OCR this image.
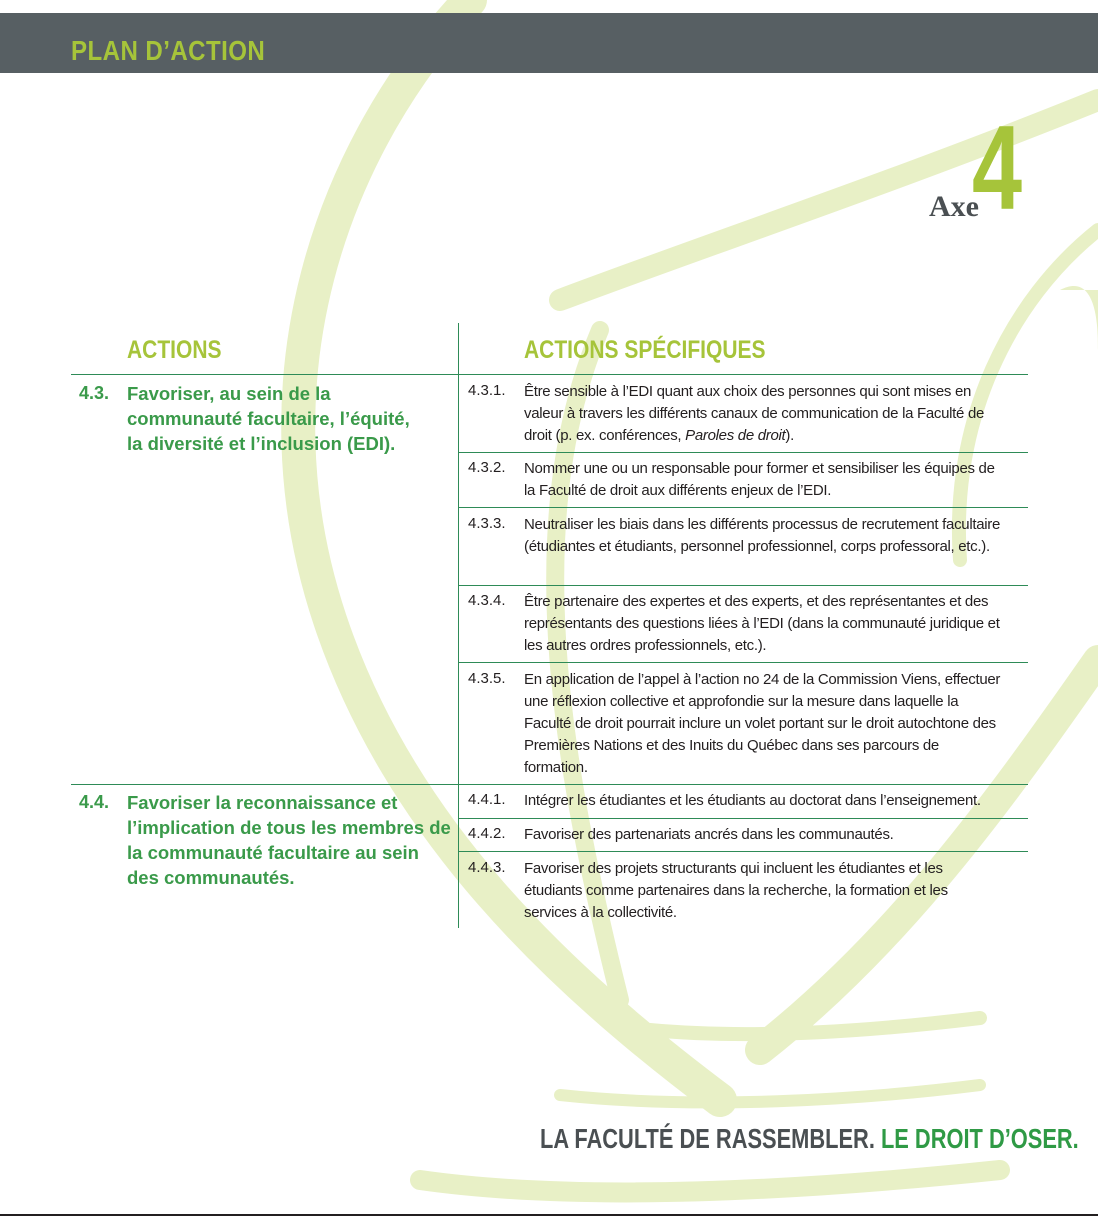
PLAN D’ACTION
Axe
4
ACTIONS	ACTIONS SPÉCIFIQUES
4.3. Favoriser, au sein de la
communauté facultaire, l’équité,
la diversité et l’inclusion (EDI).
4.4. Favoriser la reconnaissance et
l’implication de tous les membres de
la communauté facultaire au sein
des communautés.
4.3.1. Être sensible à l’EDI quant aux choix des personnes qui sont mises en valeur à travers les différents canaux de communication de la Faculté de droit (p. ex. conférences, Paroles de droit).
4.3.2. Nommer une ou un responsable pour former et sensibiliser les équipes de la Faculté de droit aux différents enjeux de l’EDI.
4.3.3. Neutraliser les biais dans les différents processus de recrutement facultaire (étudiantes et étudiants, personnel professionnel, corps professoral, etc.).
4.3.4. Être partenaire des expertes et des experts, et des représentantes et des représentants des questions liées à l’EDI (dans la communauté juridique et les autres ordres professionnels, etc.).
4.3.5. En application de l’appel à l’action no 24 de la Commission Viens, effectuer une réflexion collective et approfondie sur la mesure dans laquelle la Faculté de droit pourrait inclure un volet portant sur le droit autochtone des Premières Nations et des Inuits du Québec dans ses parcours de formation.
4.4.1. Intégrer les étudiantes et les étudiants au doctorat dans l’enseignement.
4.4.2. Favoriser des partenariats ancrés dans les communautés.
4.4.3. Favoriser des projets structurants qui incluent les étudiantes et les étudiants comme partenaires dans la recherche, la formation et les services à la collectivité.
LA FACULTÉ DE RASSEMBLER. LE DROIT D’OSER.
